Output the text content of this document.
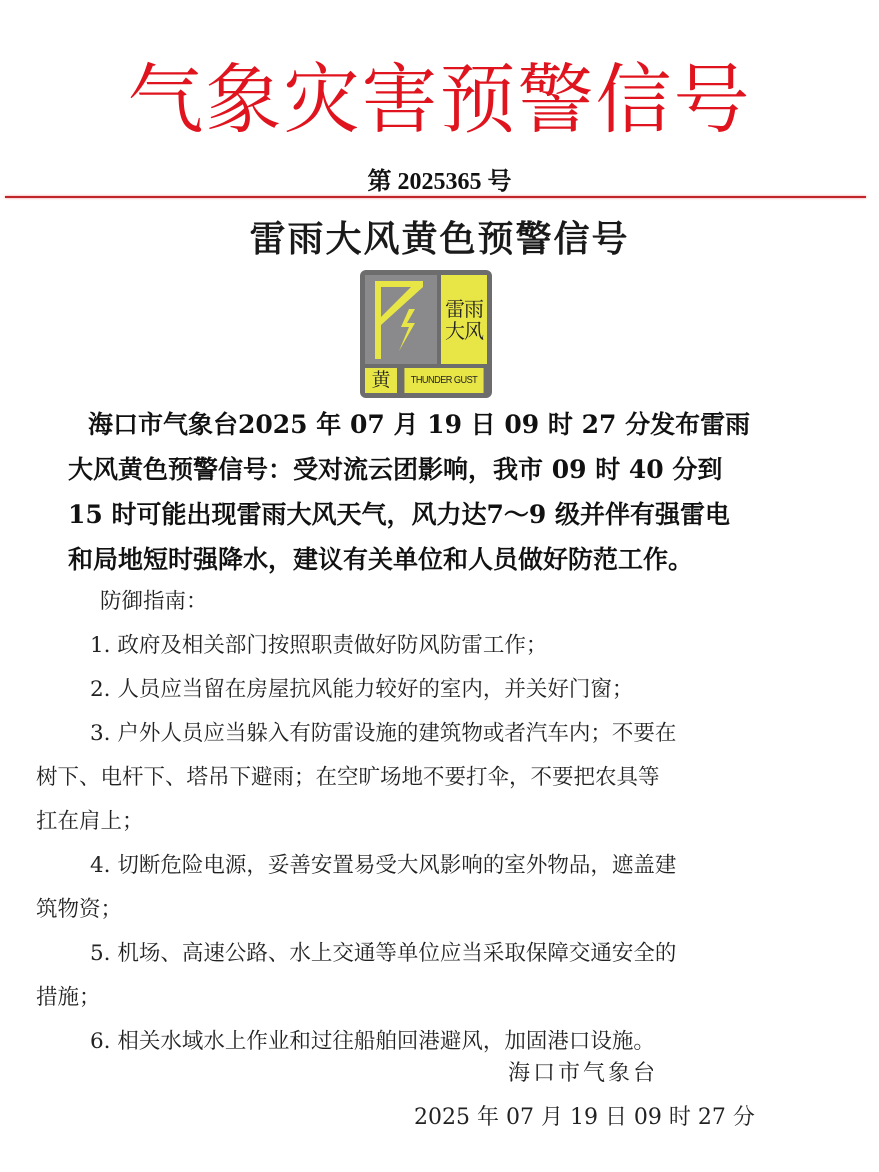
气象灾害预警信号
第 2025365 号
雷雨大风黄色预警信号
雷雨
大风
黄	THUNDER GUST
海口市气象台2025 年 07 月 19 日 09 时 27 分发布雷雨
大风黄色预警信号：受对流云团影响，我市 09 时 40 分到
15 时可能出现雷雨大风天气，风力达7～9 级并伴有强雷电
和局地短时强降水，建议有关单位和人员做好防范工作。
防御指南：
1. 政府及相关部门按照职责做好防风防雷工作；
2. 人员应当留在房屋抗风能力较好的室内，并关好门窗；
3. 户外人员应当躲入有防雷设施的建筑物或者汽车内；不要在
树下、电杆下、塔吊下避雨；在空旷场地不要打伞，不要把农具等
扛在肩上；
4. 切断危险电源，妥善安置易受大风影响的室外物品，遮盖建
筑物资；
5. 机场、高速公路、水上交通等单位应当采取保障交通安全的
措施；
6. 相关水域水上作业和过往船舶回港避风，加固港口设施。
海口市气象台
2025 年 07 月 19 日 09 时 27 分
